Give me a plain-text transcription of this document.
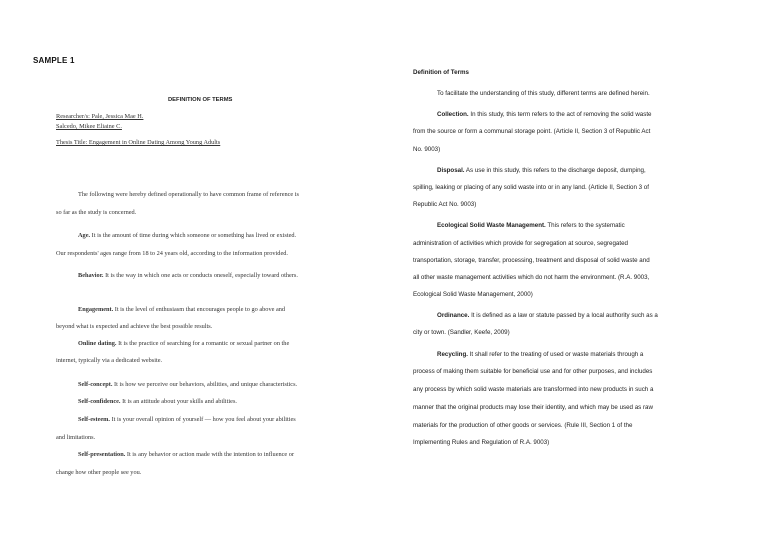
SAMPLE 1
DEFINITION OF TERMS
Researcher/s: Pale, Jessica Mae H.
Salcedo, Mikee Eliaine C.
Thesis Title: Engagement in Online Dating Among Young Adults
The following were hereby defined operationally to have common frame of reference is
so far as the study is concerned.
Age. It is the amount of time during which someone or something has lived or existed.
Our respondents' ages range from 18 to 24 years old, according to the information provided.
Behavior. It is the way in which one acts or conducts oneself, especially toward others.
Engagement. It is the level of enthusiasm that encourages people to go above and
beyond what is expected and achieve the best possible results.
Online dating. It is the practice of searching for a romantic or sexual partner on the
internet, typically via a dedicated website.
Self-concept. It is how we perceive our behaviors, abilities, and unique characteristics.
Self-confidence. It is an attitude about your skills and abilities.
Self-esteem. It is your overall opinion of yourself — how you feel about your abilities
and limitations.
Self-presentation. It is any behavior or action made with the intention to influence or
change how other people see you.
Definition of Terms
To facilitate the understanding of this study, different terms are defined herein.
Collection. In this study, this term refers to the act of removing the solid waste
from the source or form a communal storage point. (Article II, Section 3 of Republic Act
No. 9003)
Disposal. As use in this study, this refers to the discharge deposit, dumping,
spilling, leaking or placing of any solid waste into or in any land. (Article II, Section 3 of
Republic Act No. 9003)
Ecological Solid Waste Management. This refers to the systematic
administration of activities which provide for segregation at source, segregated
transportation, storage, transfer, processing, treatment and disposal of solid waste and
all other waste management activities which do not harm the environment. (R.A. 9003,
Ecological Solid Waste Management, 2000)
Ordinance. It is defined as a law or statute passed by a local authority such as a
city or town. (Sandler, Keefe, 2009)
Recycling. It shall refer to the treating of used or waste materials through a
process of making them suitable for beneficial use and for other purposes, and includes
any process by which solid waste materials are transformed into new products in such a
manner that the original products may lose their identity, and which may be used as raw
materials for the production of other goods or services. (Rule III, Section 1 of the
Implementing Rules and Regulation of R.A. 9003)
